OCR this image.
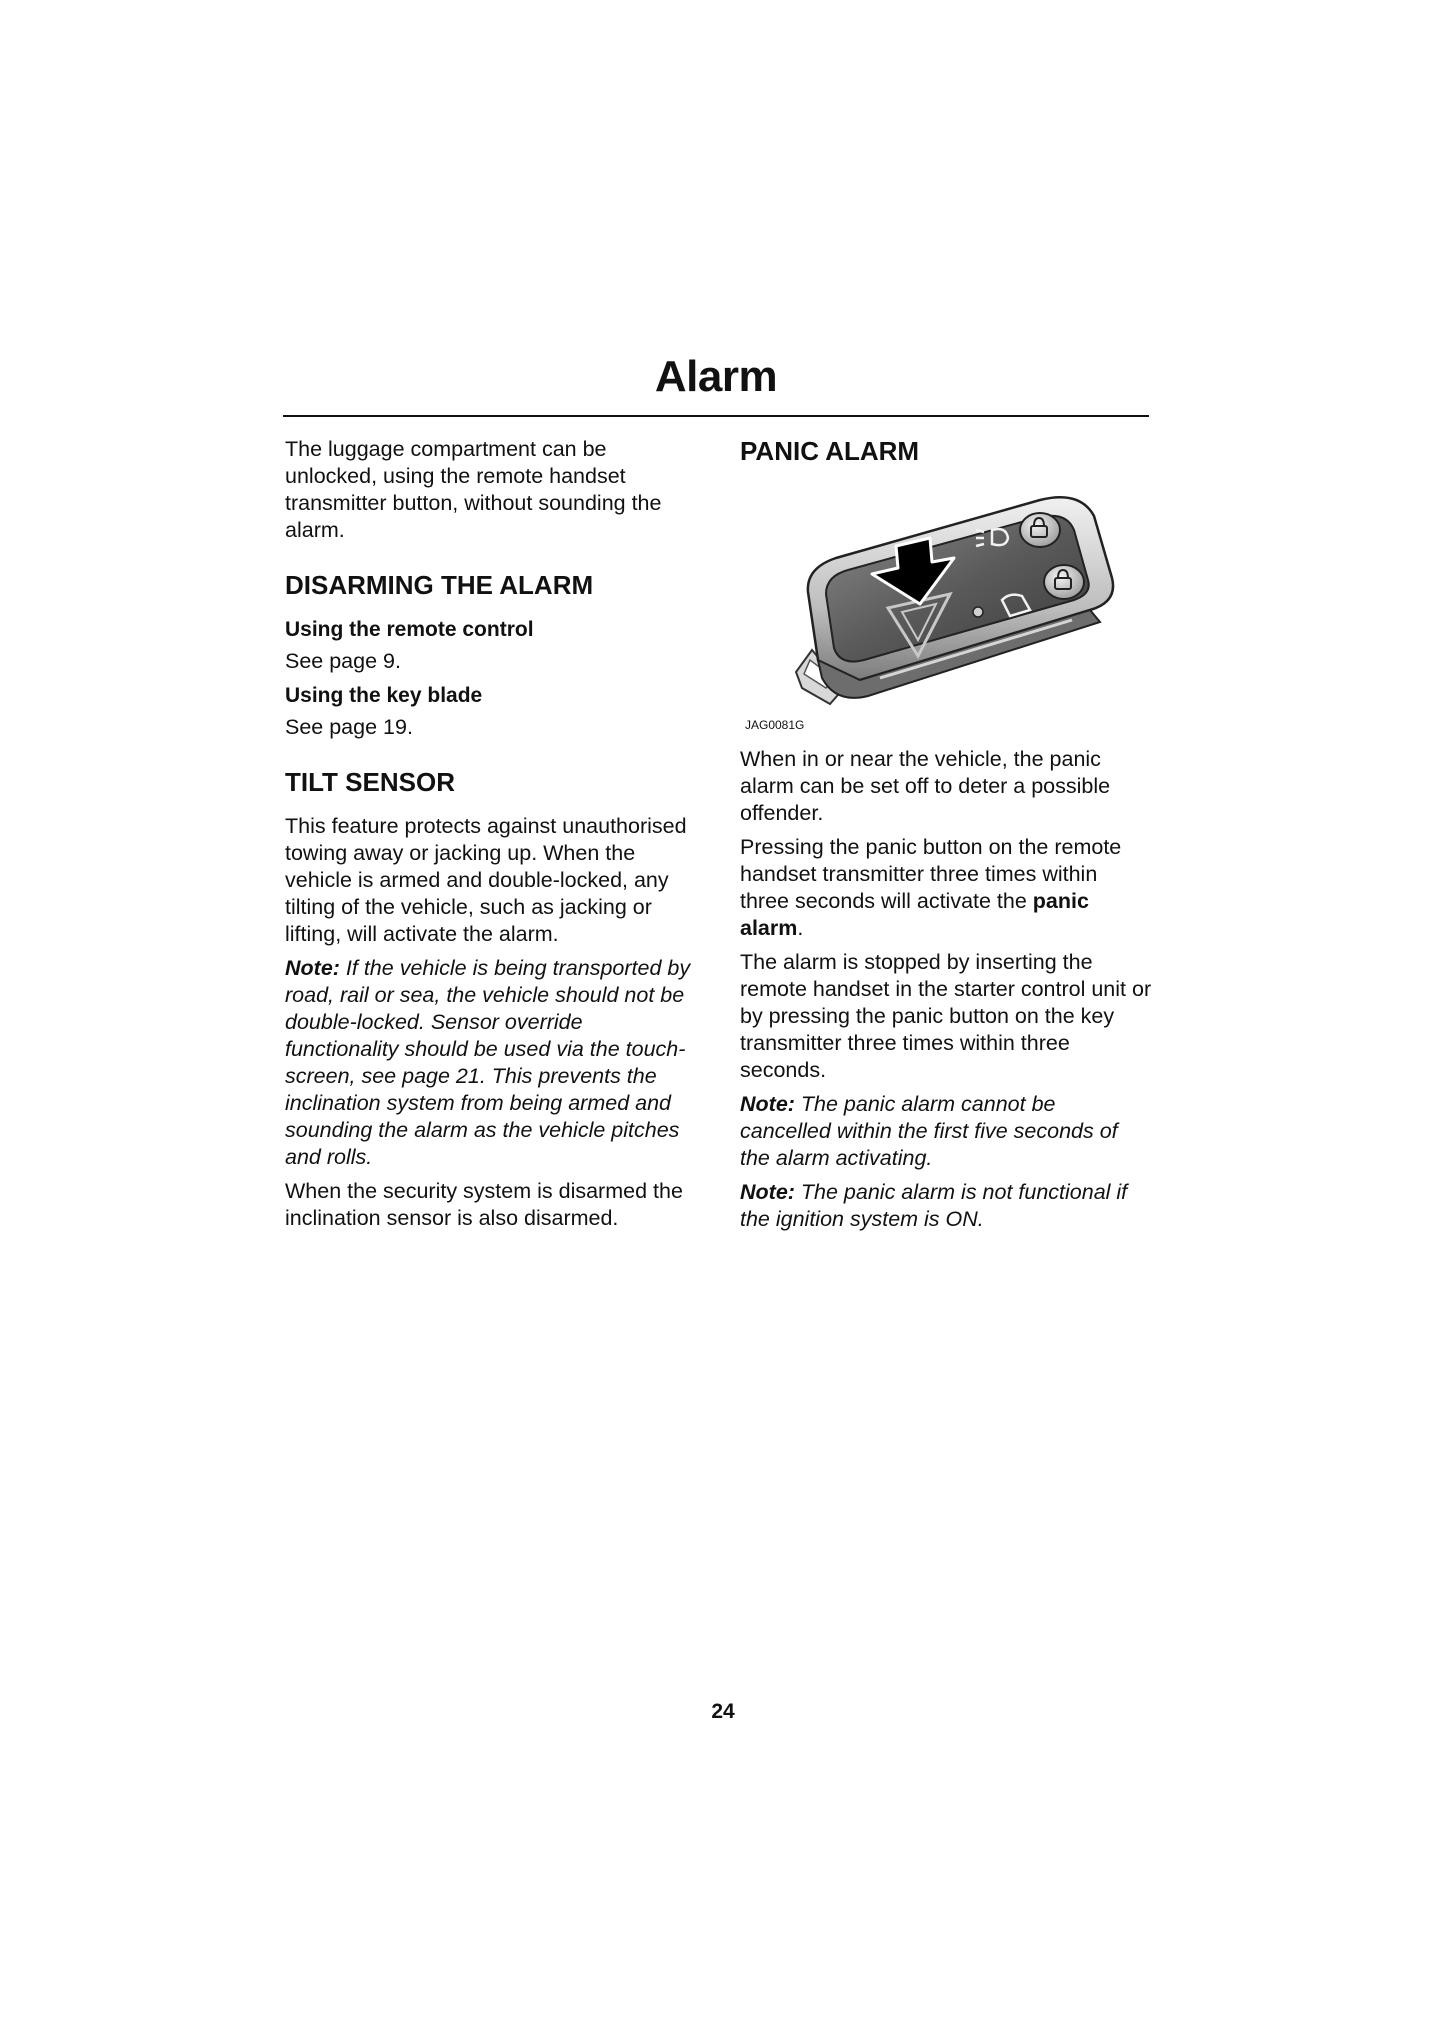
Alarm

The luggage compartment can be unlocked, using the remote handset transmitter button, without sounding the alarm.

DISARMING THE ALARM
Using the remote control

See page 9.

Using the key blade

See page 19.

TILT SENSOR

This feature protects against unauthorised towing away or jacking up. When the vehicle is armed and double-locked, any tilting of the vehicle, such as jacking or lifting, will activate the alarm.

Note: If the vehicle is being transported by road, rail or sea, the vehicle should not be double-locked. Sensor override functionality should be used via the touch-screen, see page 21. This prevents the inclination system from being armed and sounding the alarm as the vehicle pitches and rolls.

When the security system is disarmed the inclination sensor is also disarmed.

PANIC ALARM
JAG0081G

When in or near the vehicle, the panic alarm can be set off to deter a possible offender.

Pressing the panic button on the remote handset transmitter three times within three seconds will activate the panic alarm.

The alarm is stopped by inserting the remote handset in the starter control unit or by pressing the panic button on the key transmitter three times within three seconds.

Note: The panic alarm cannot be cancelled within the first five seconds of the alarm activating.

Note: The panic alarm is not functional if the ignition system is ON.

24
